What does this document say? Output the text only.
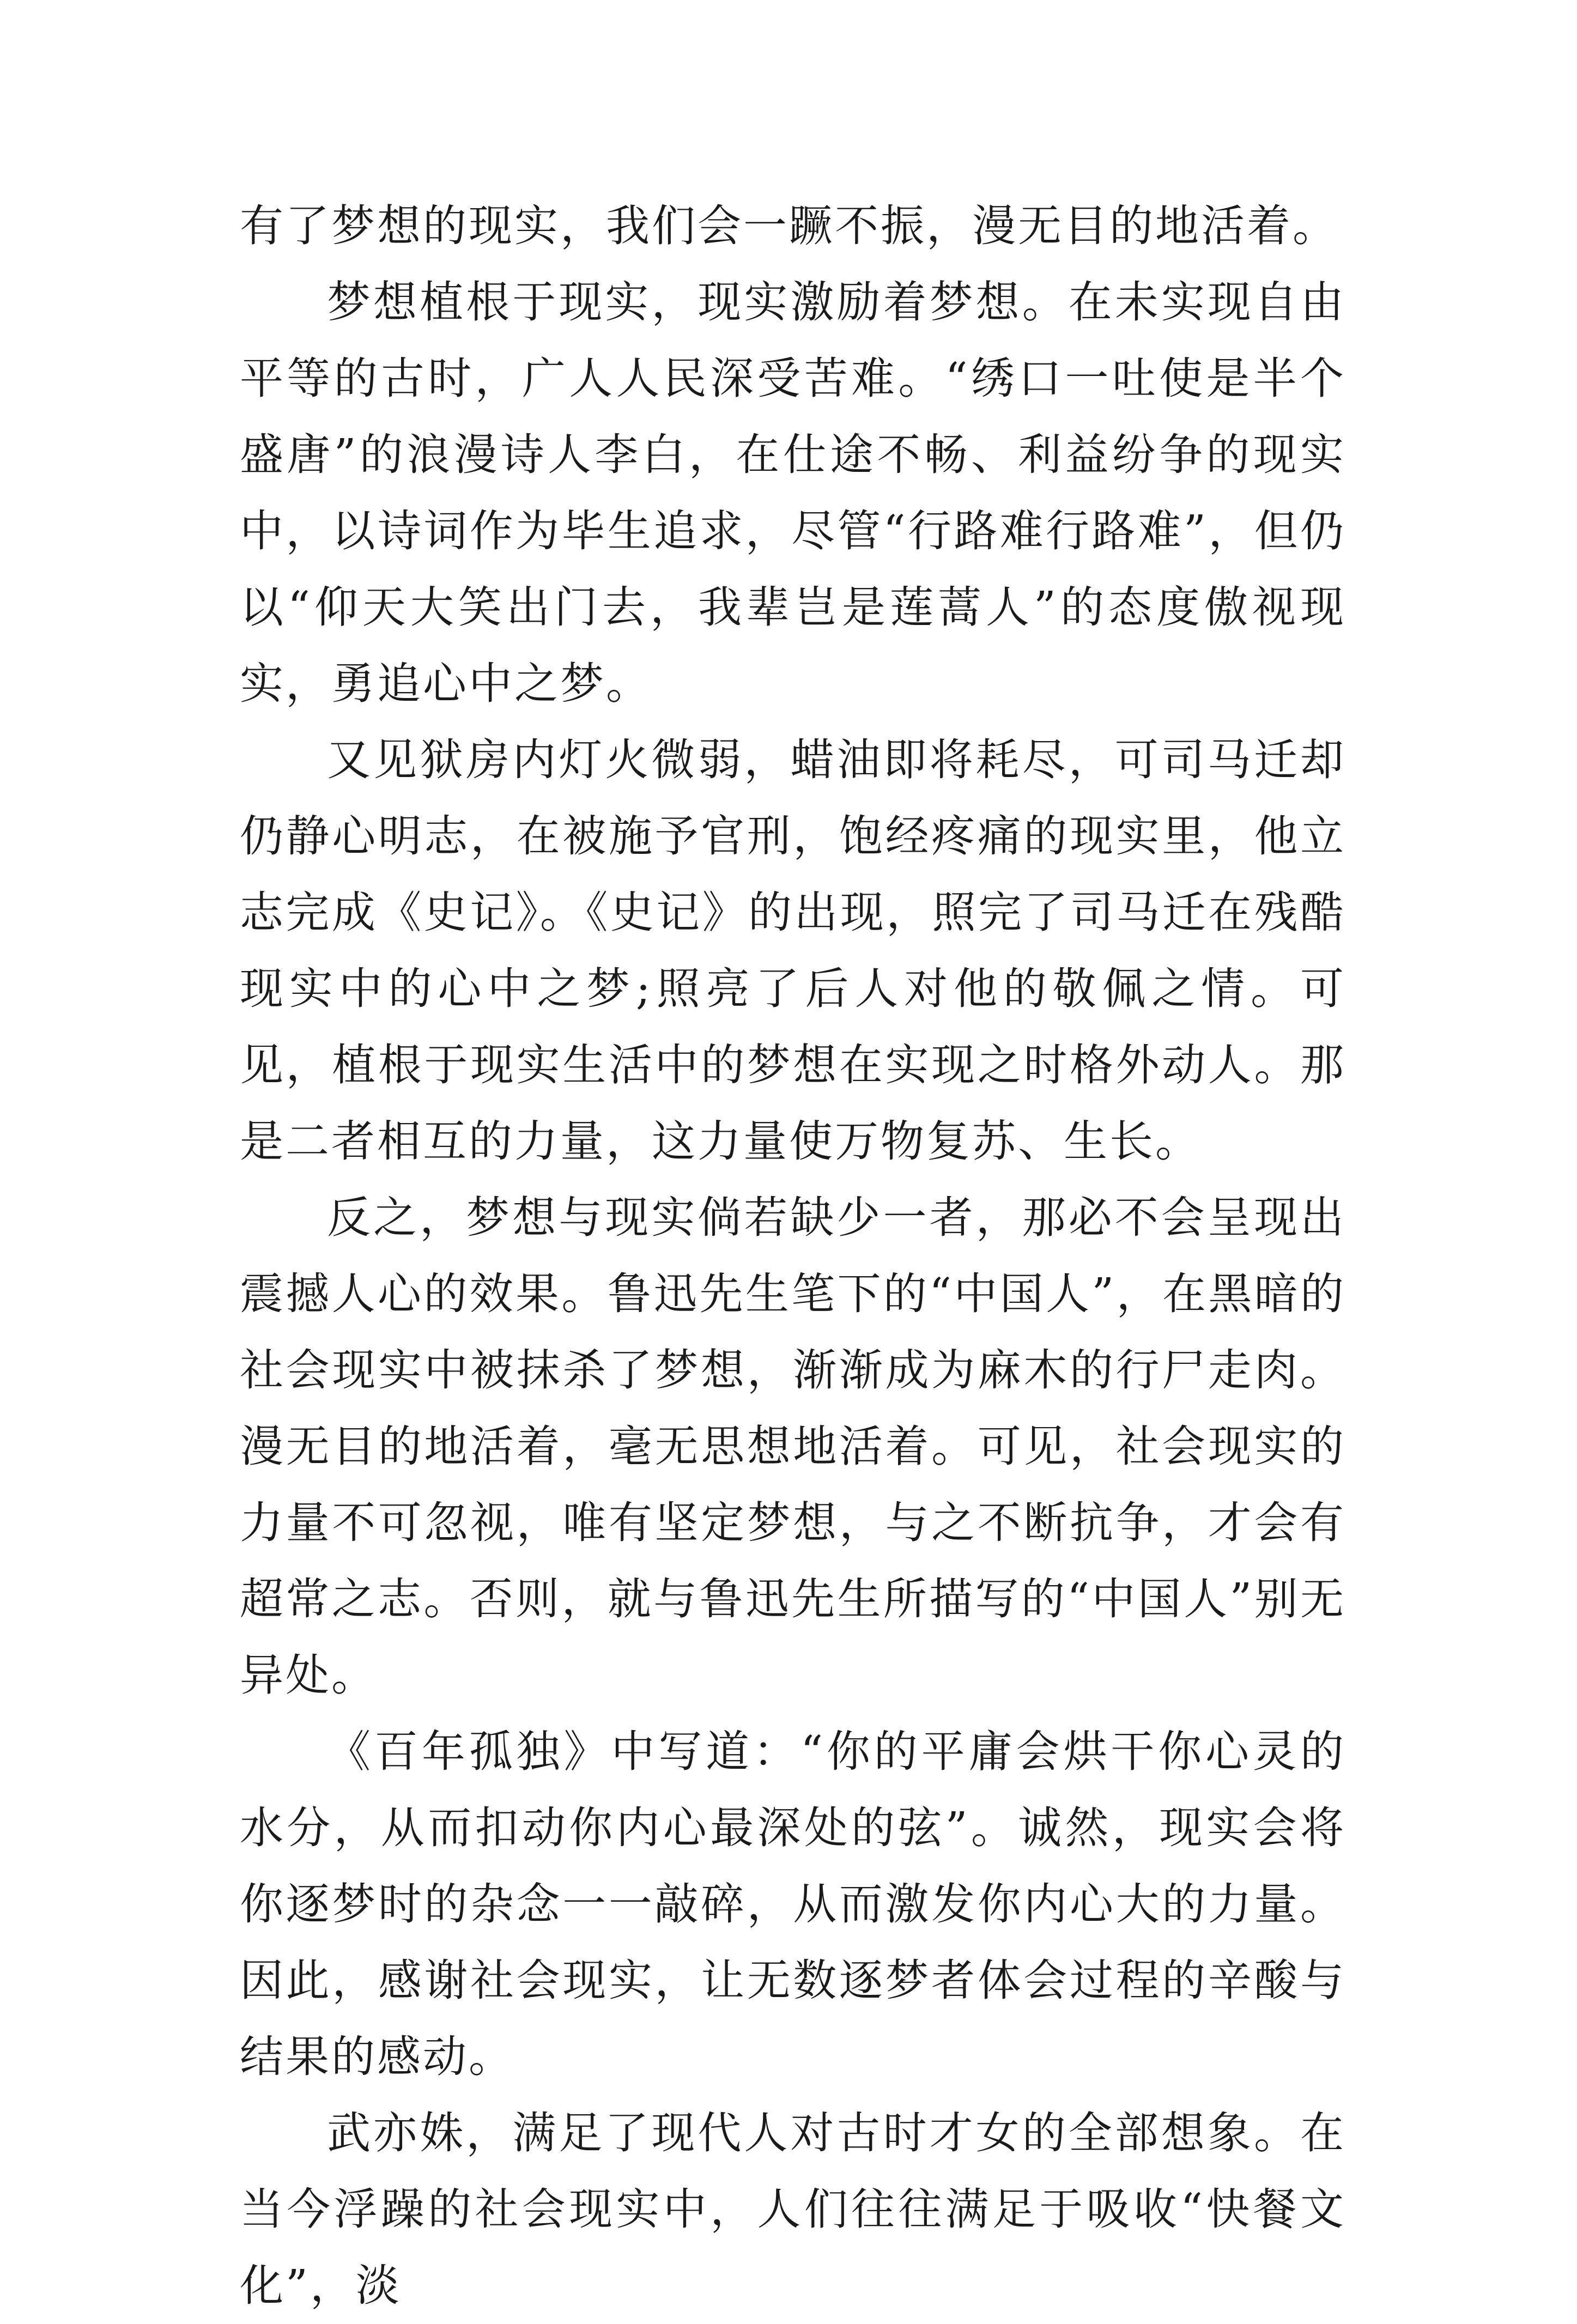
有了梦想的现实，我们会一蹶不振，漫无目的地活着。

梦想植根于现实，现实激励着梦想。在未实现自由平等的古时，广人人民深受苦难。“绣口一吐使是半个盛唐”的浪漫诗人李白，在仕途不畅、利益纷争的现实中，以诗词作为毕生追求，尽管“行路难行路难”，但仍以“仰天大笑出门去，我辈岂是莲蒿人”的态度傲视现实，勇追心中之梦。

又见狱房内灯火微弱，蜡油即将耗尽，可司马迁却仍静心明志，在被施予官刑，饱经疼痛的现实里，他立志完成《史记》。《史记》的出现，照完了司马迁在残酷现实中的心中之梦;照亮了后人对他的敬佩之情。可见，植根于现实生活中的梦想在实现之时格外动人。那是二者相互的力量，这力量使万物复苏、生长。

反之，梦想与现实倘若缺少一者，那必不会呈现出震撼人心的效果。鲁迅先生笔下的“中国人”，在黑暗的社会现实中被抹杀了梦想，渐渐成为麻木的行尸走肉。漫无目的地活着，毫无思想地活着。可见，社会现实的力量不可忽视，唯有坚定梦想，与之不断抗争，才会有超常之志。否则，就与鲁迅先生所描写的“中国人”别无异处。

《百年孤独》中写道：“你的平庸会烘干你心灵的水分，从而扣动你内心最深处的弦”。诚然，现实会将你逐梦时的杂念一一敲碎，从而激发你内心大的力量。因此，感谢社会现实，让无数逐梦者体会过程的辛酸与结果的感动。

武亦姝，满足了现代人对古时才女的全部想象。在当今浮躁的社会现实中，人们往往满足于吸收“快餐文化”，淡
